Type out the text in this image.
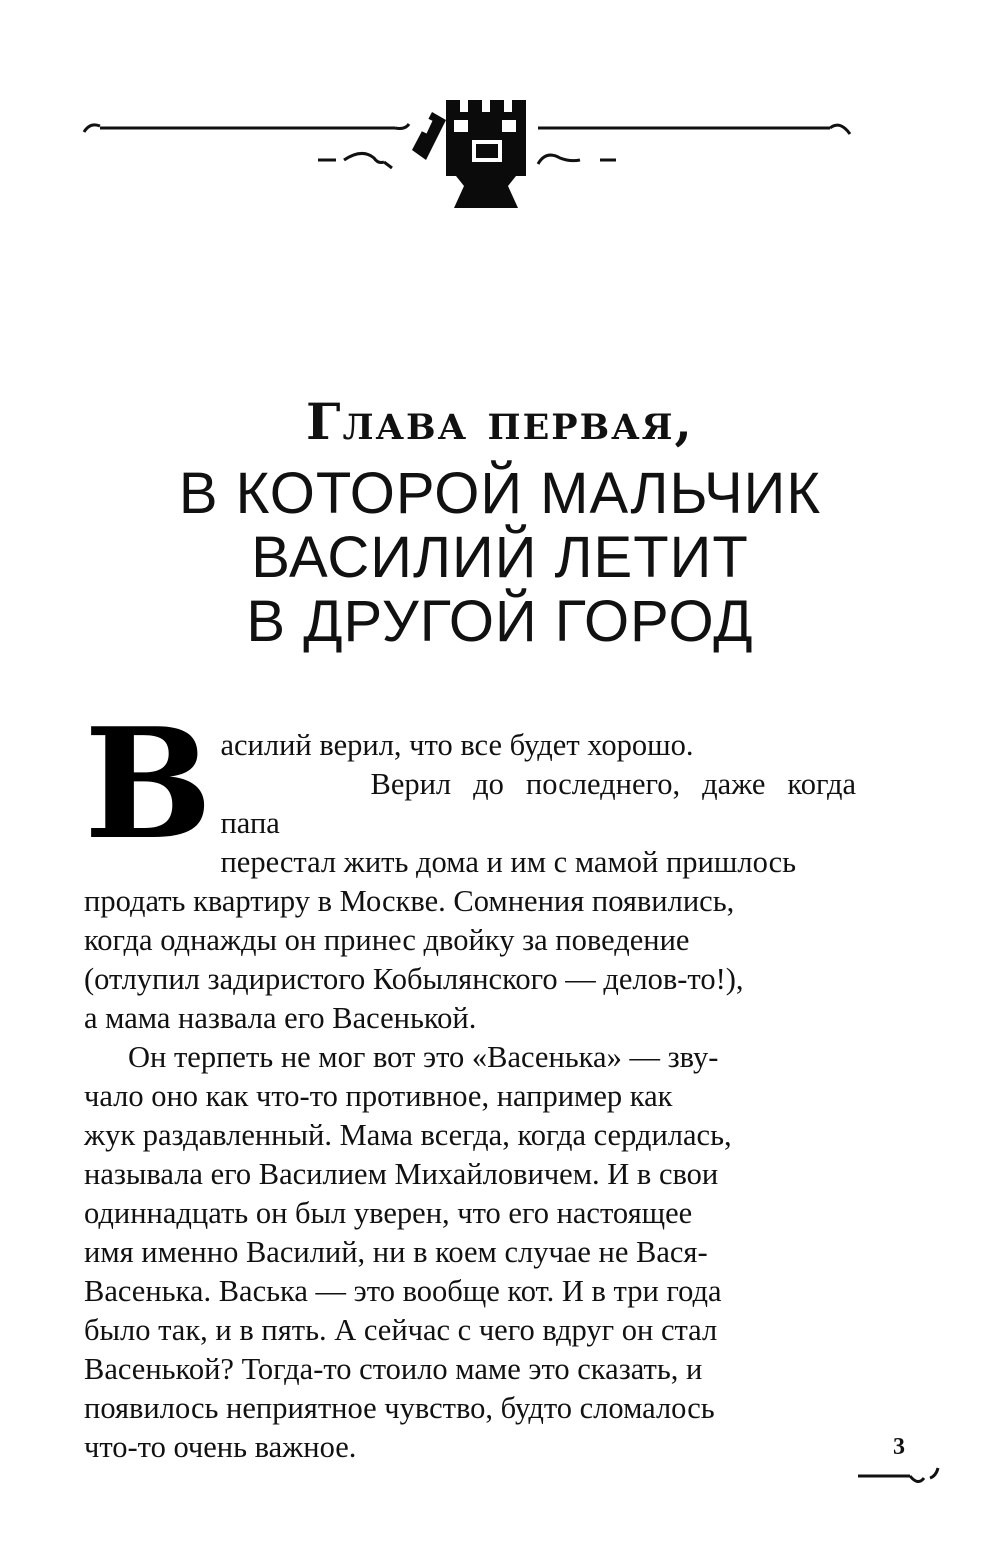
Глава первая,
В КОТОРОЙ МАЛЬЧИК
ВАСИЛИЙ ЛЕТИТ
В ДРУГОЙ ГОРОД

В асилий верил, что все будет хорошо.
Верил до последнего, даже когда папа
перестал жить дома и им с мамой пришлось

продать квартиру в Москве. Сомнения появились,
когда однажды он принес двойку за поведение
(отлупил задиристого Кобылянского — делов-то!),
а мама назвала его Васенькой.

Он терпеть не мог вот это «Васенька» — зву-
чало оно как что-то противное, например как
жук раздавленный. Мама всегда, когда сердилась,
называла его Василием Михайловичем. И в свои
одиннадцать он был уверен, что его настоящее
имя именно Василий, ни в коем случае не Вася-
Васенька. Васька — это вообще кот. И в три года
было так, и в пять. А сейчас с чего вдруг он стал
Васенькой? Тогда-то стоило маме это сказать, и
появилось неприятное чувство, будто сломалось
что-то очень важное.	3
